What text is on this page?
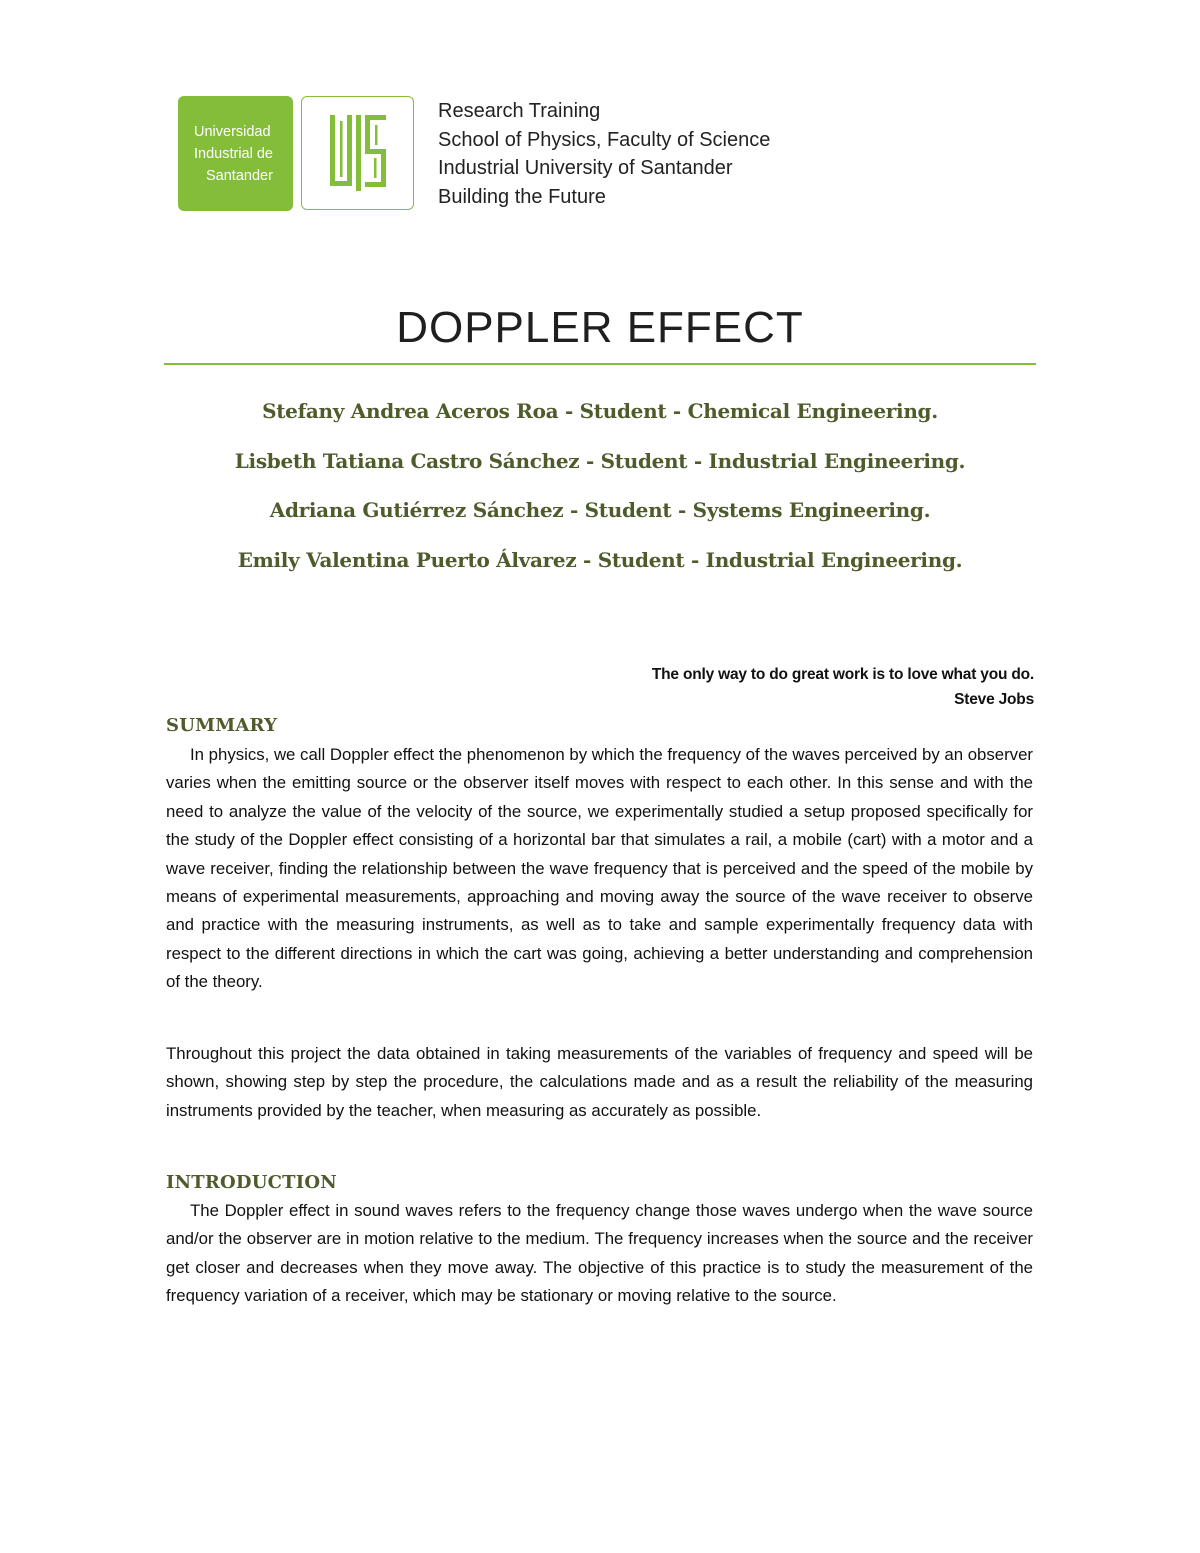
Universidad
Industrial de
Santander
Research Training
School of Physics, Faculty of Science
Industrial University of Santander
Building the Future
DOPPLER EFFECT
Stefany Andrea Aceros Roa - Student - Chemical Engineering.
Lisbeth Tatiana Castro Sánchez - Student - Industrial Engineering.
Adriana Gutiérrez Sánchez - Student - Systems Engineering.
Emily Valentina Puerto Álvarez - Student - Industrial Engineering.
The only way to do great work is to love what you do.
Steve Jobs
SUMMARY

In physics, we call Doppler effect the phenomenon by which the frequency of the waves perceived by an observer varies when the emitting source or the observer itself moves with respect to each other. In this sense and with the need to analyze the value of the velocity of the source, we experimentally studied a setup proposed specifically for the study of the Doppler effect consisting of a horizontal bar that simulates a rail, a mobile (cart) with a motor and a wave receiver, finding the relationship between the wave frequency that is perceived and the speed of the mobile by means of experimental measurements, approaching and moving away the source of the wave receiver to observe and practice with the measuring instruments, as well as to take and sample experimentally frequency data with respect to the different directions in which the cart was going, achieving a better understanding and comprehension of the theory.

Throughout this project the data obtained in taking measurements of the variables of frequency and speed will be shown, showing step by step the procedure, the calculations made and as a result the reliability of the measuring instruments provided by the teacher, when measuring as accurately as possible.

INTRODUCTION

The Doppler effect in sound waves refers to the frequency change those waves undergo when the wave source and/or the observer are in motion relative to the medium. The frequency increases when the source and the receiver get closer and decreases when they move away. The objective of this practice is to study the measurement of the frequency variation of a receiver, which may be stationary or moving relative to the source.
